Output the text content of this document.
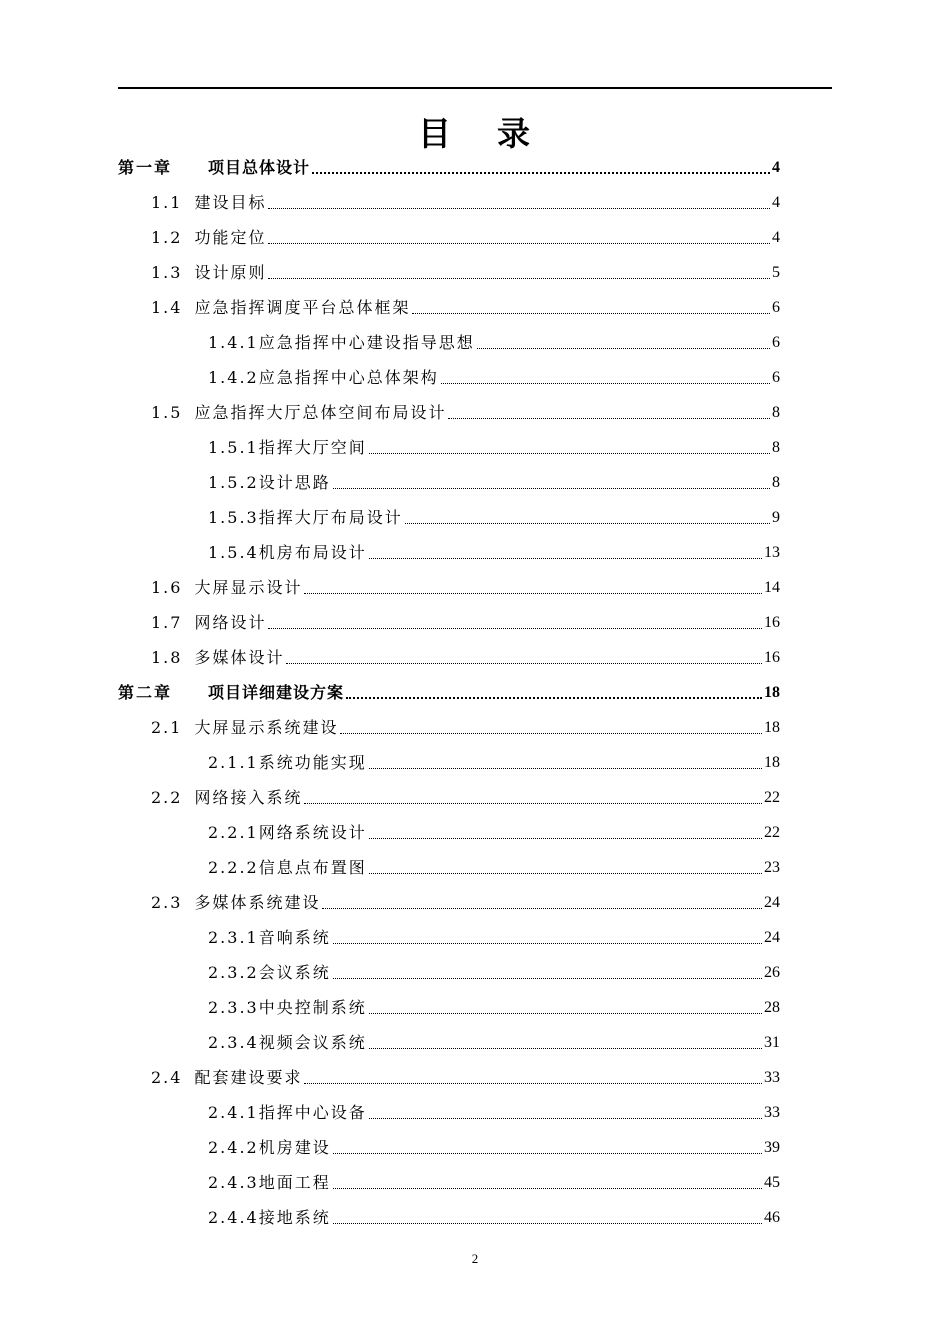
目 录
第一章 项目总体设计	4
1.1 建设目标	4
1.2 功能定位	4
1.3 设计原则	5
1.4 应急指挥调度平台总体框架	6
1.4.1 应急指挥中心建设指导思想	6
1.4.2 应急指挥中心总体架构	6
1.5 应急指挥大厅总体空间布局设计	8
1.5.1 指挥大厅空间	8
1.5.2 设计思路	8
1.5.3 指挥大厅布局设计	9
1.5.4 机房布局设计	13
1.6 大屏显示设计	14
1.7 网络设计	16
1.8 多媒体设计	16
第二章 项目详细建设方案	18
2.1 大屏显示系统建设	18
2.1.1 系统功能实现	18
2.2 网络接入系统	22
2.2.1 网络系统设计	22
2.2.2 信息点布置图	23
2.3 多媒体系统建设	24
2.3.1 音响系统	24
2.3.2 会议系统	26
2.3.3 中央控制系统	28
2.3.4 视频会议系统	31
2.4 配套建设要求	33
2.4.1 指挥中心设备	33
2.4.2 机房建设	39
2.4.3 地面工程	45
2.4.4 接地系统	46
2
